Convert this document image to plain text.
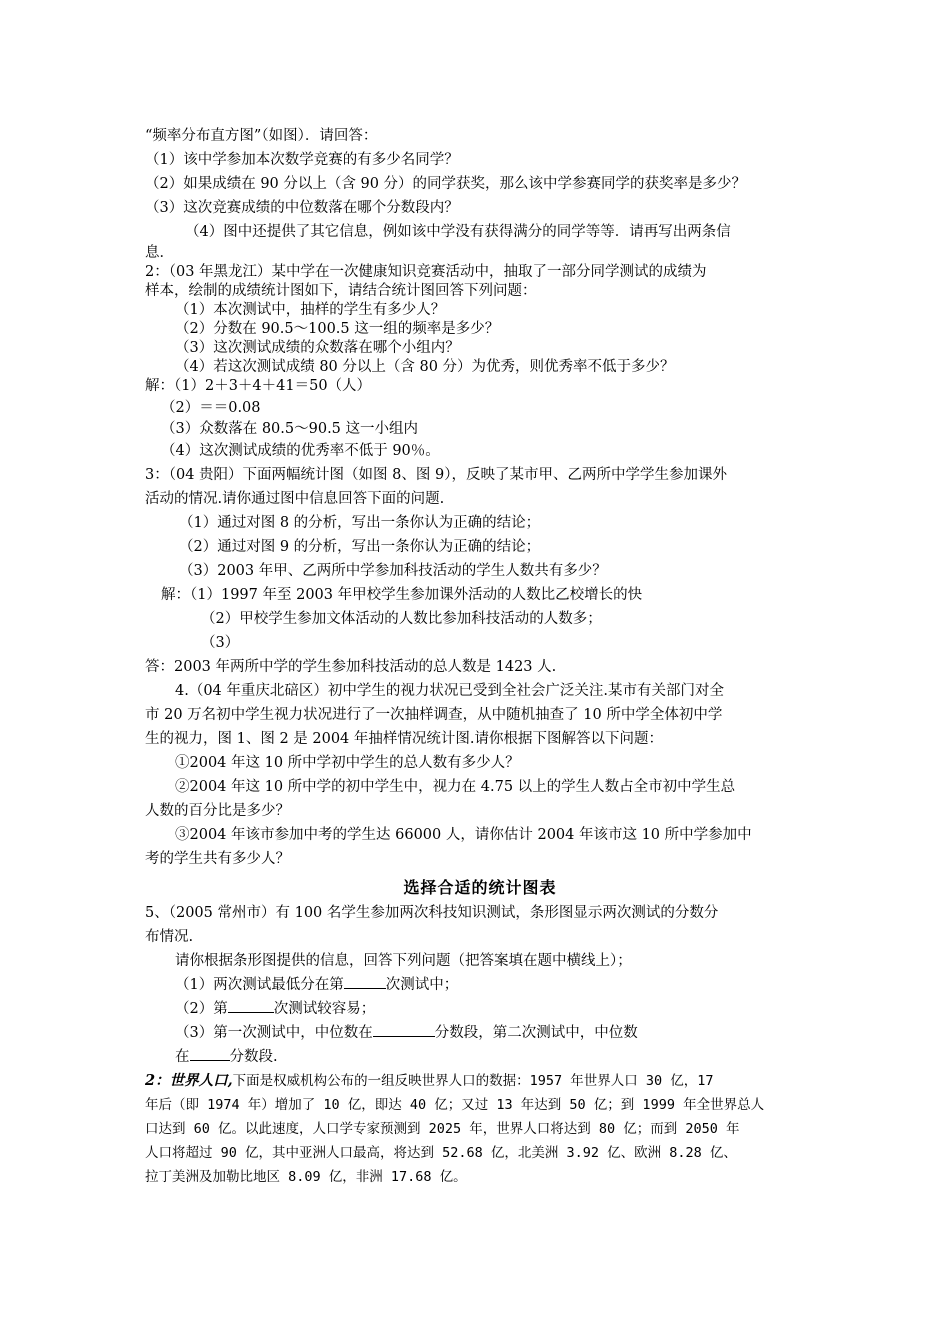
“频率分布直方图”（如图）．请回答：
（1）该中学参加本次数学竞赛的有多少名同学？
（2）如果成绩在 90 分以上（含 90 分）的同学获奖，那么该中学参赛同学的获奖率是多少？
（3）这次竞赛成绩的中位数落在哪个分数段内？
（4）图中还提供了其它信息，例如该中学没有获得满分的同学等等．请再写出两条信
息．
2：（03 年黑龙江）某中学在一次健康知识竞赛活动中，抽取了一部分同学测试的成绩为
样本，绘制的成绩统计图如下，请结合统计图回答下列问题：
（1）本次测试中，抽样的学生有多少人？
（2）分数在 90.5～100.5 这一组的频率是多少？
（3）这次测试成绩的众数落在哪个小组内？
（4）若这次测试成绩 80 分以上（含 80 分）为优秀，则优秀率不低于多少？
解：（1）2＋3＋4＋41＝50（人）
（2）＝＝0.08
（3）众数落在 80.5～90.5 这一小组内
（4）这次测试成绩的优秀率不低于 90％。
3：（04 贵阳）下面两幅统计图（如图 8、图 9），反映了某市甲、乙两所中学学生参加课外
活动的情况.请你通过图中信息回答下面的问题.
（1）通过对图 8 的分析，写出一条你认为正确的结论；
（2）通过对图 9 的分析，写出一条你认为正确的结论；
（3）2003 年甲、乙两所中学参加科技活动的学生人数共有多少？
解：（1）1997 年至 2003 年甲校学生参加课外活动的人数比乙校增长的快
（2）甲校学生参加文体活动的人数比参加科技活动的人数多；
（3）
答：2003 年两所中学的学生参加科技活动的总人数是 1423 人.
4.（04 年重庆北碚区）初中学生的视力状况已受到全社会广泛关注.某市有关部门对全
市 20 万名初中学生视力状况进行了一次抽样调查，从中随机抽查了 10 所中学全体初中学
生的视力，图 1、图 2 是 2004 年抽样情况统计图.请你根据下图解答以下问题：
①2004 年这 10 所中学初中学生的总人数有多少人？
②2004 年这 10 所中学的初中学生中，视力在 4.75 以上的学生人数占全市初中学生总
人数的百分比是多少？
③2004 年该市参加中考的学生达 66000 人，请你估计 2004 年该市这 10 所中学参加中
考的学生共有多少人？
选择合适的统计图表
5、（2005 常州市）有 100 名学生参加两次科技知识测试，条形图显示两次测试的分数分
布情况.
请你根据条形图提供的信息，回答下列问题（把答案填在题中横线上）；
（1）两次测试最低分在第	次测试中；
（2）第	次测试较容易；
（3）第一次测试中，中位数在	分数段，第二次测试中，中位数
在	分数段.
2：世界人口,下面是权威机构公布的一组反映世界人口的数据：1957 年世界人口 30 亿，17
年后（即 1974 年）增加了 10 亿，即达 40 亿；又过 13 年达到 50 亿；到 1999 年全世界总人
口达到 60 亿。以此速度，人口学专家预测到 2025 年，世界人口将达到 80 亿；而到 2050 年
人口将超过 90 亿，其中亚洲人口最高，将达到 52.68 亿，北美洲 3.92 亿、欧洲 8.28 亿、
拉丁美洲及加勒比地区 8.09 亿，非洲 17.68 亿。
